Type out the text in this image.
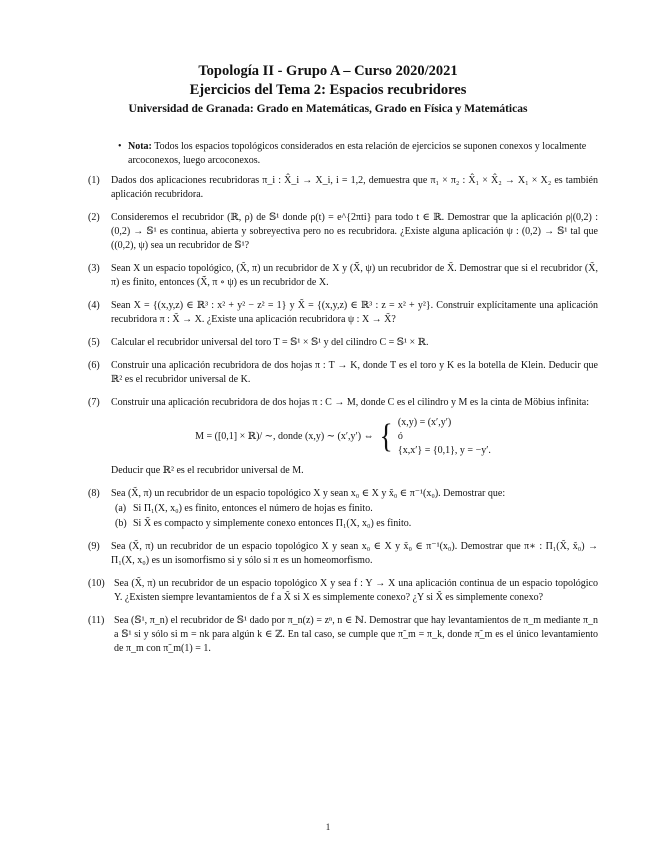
Topología II - Grupo A – Curso 2020/2021
Ejercicios del Tema 2: Espacios recubridores
Universidad de Granada: Grado en Matemáticas, Grado en Física y Matemáticas
• Nota: Todos los espacios topológicos considerados en esta relación de ejercicios se suponen conexos y localmente arcoconexos, luego arcoconexos.
(1) Dados dos aplicaciones recubridoras π_i : X̂_i → X_i, i = 1,2, demuestra que π₁ × π₂ : X̂₁ × X̂₂ → X₁ × X₂ es también aplicación recubridora.
(2) Consideremos el recubridor (ℝ, ρ) de 𝕊¹ donde ρ(t) = e^{2πti} para todo t ∈ ℝ. Demostrar que la aplicación ρ|(0,2) : (0,2) → 𝕊¹ es continua, abierta y sobreyectiva pero no es recubridora. ¿Existe alguna aplicación ψ : (0,2) → 𝕊¹ tal que ((0,2), ψ) sea un recubridor de 𝕊¹?
(3) Sean X un espacio topológico, (X̃, π) un recubridor de X y (X̃̃, ψ) un recubridor de X̃. Demostrar que si el recubridor (X̃, π) es finito, entonces (X̃̃, π ∘ ψ) es un recubridor de X.
(4) Sean X = {(x,y,z) ∈ ℝ³ : x² + y² − z² = 1} y X̃ = {(x,y,z) ∈ ℝ³ : z = x² + y²}. Construir explícitamente una aplicación recubridora π : X̃ → X. ¿Existe una aplicación recubridora ψ : X → X̃?
(5) Calcular el recubridor universal del toro T = 𝕊¹ × 𝕊¹ y del cilindro C = 𝕊¹ × ℝ.
(6) Construir una aplicación recubridora de dos hojas π : T → K, donde T es el toro y K es la botella de Klein. Deducir que ℝ² es el recubridor universal de K.
(7) Construir una aplicación recubridora de dos hojas π : C → M, donde C es el cilindro y M es la cinta de Möbius infinita:
M = ([0,1] × ℝ)/ ∼, donde (x,y) ∼ (x′,y′) ⇔ { (x,y) = (x′,y′)
ó
{x,x′} = {0,1}, y = −y′.
Deducir que ℝ² es el recubridor universal de M.
(8) Sea (X̃, π) un recubridor de un espacio topológico X y sean x₀ ∈ X y x̃₀ ∈ π⁻¹(x₀). Demostrar que:
(a) Si Π₁(X, x₀) es finito, entonces el número de hojas es finito.
(b) Si X̃ es compacto y simplemente conexo entonces Π₁(X, x₀) es finito.
(9) Sea (X̃, π) un recubridor de un espacio topológico X y sean x₀ ∈ X y x̃₀ ∈ π⁻¹(x₀). Demostrar que π∗ : Π₁(X̃, x̃₀) → Π₁(X, x₀) es un isomorfismo si y sólo si π es un homeomorfismo.
(10) Sea (X̃, π) un recubridor de un espacio topológico X y sea f : Y → X una aplicación continua de un espacio topológico Y. ¿Existen siempre levantamientos de f a X̃ si X es simplemente conexo? ¿Y si X̃ es simplemente conexo?
(11) Sea (𝕊¹, π_n) el recubridor de 𝕊¹ dado por π_n(z) = zⁿ, n ∈ ℕ. Demostrar que hay levantamientos de π_m mediante π_n a 𝕊¹ si y sólo si m = nk para algún k ∈ ℤ. En tal caso, se cumple que π̃_m = π_k, donde π̃_m es el único levantamiento de π_m con π̃_m(1) = 1.
1
